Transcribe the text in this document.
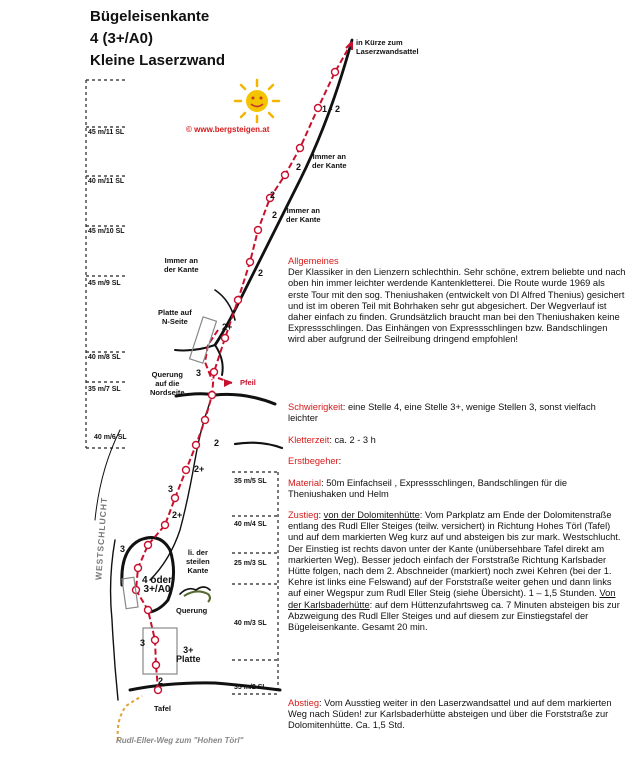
Bügeleisenkante
4 (3+/A0)
Kleine Laserzwand
© www.bergsteigen.at
45 m/11 SL
40 m/11 SL
45 m/10 SL
45 m/9 SL
40 m/8 SL
35 m/7 SL
40 m/6 SL
35 m/5 SL
40 m/4 SL
25 m/3 SL
40 m/3 SL
35 m/2 SL
in Kürze zum
Laserzwandsattel
Immer an
der Kante
Immer an
der Kante
Immer an
der Kante
Platte auf
N-Seite
Querung
auf die
Nordseite
Pfeil
li. der
steilen
Kante
Querung
3+
Platte
4 oder
3+/A0
Tafel
WESTSCHLUCHT
Rudl-Eller-Weg zum "Hohen Törl"
1 - 2
2
2
2
2
2+
3
2
2+
2+
3
3
3
2
Allgemeines

Der Klassiker in den Lienzern schlechthin. Sehr schöne, extrem beliebte und nach oben hin immer leichter werdende Kantenkletterei. Die Route wurde 1969 als erste Tour mit den sog. Theniushaken (entwickelt von DI Alfred Thenius) gesichert und ist im oberen Teil mit Bohrhaken sehr gut abgesichert. Der Wegverlauf ist daher einfach zu finden. Grundsätzlich braucht man bei den Theniushaken keine Expressschlingen. Das Einhängen von Expressschlingen bzw. Bandschlingen wird aber aufgrund der Seilreibung dringend empfohlen!

Schwierigkeit: eine Stelle 4, eine Stelle 3+, wenige Stellen 3, sonst vielfach leichter

Kletterzeit: ca. 2 - 3 h

Erstbegeher:

Material: 50m Einfachseil , Expressschlingen, Bandschlingen für die Theniushaken und Helm

Zustieg: von der Dolomitenhütte: Vom Parkplatz am Ende der Dolomitenstraße entlang des Rudl Eller Steiges (teilw. versichert) in Richtung Hohes Törl (Tafel) und auf dem markierten Weg kurz auf und absteigen bis zur mark. Westschlucht. Der Einstieg ist rechts davon unter der Kante (unübersehbare Tafel direkt am markierten Weg). Besser jedoch einfach der Forststraße Richtung Karlsbader Hütte folgen, nach dem 2. Abschneider (markiert) noch zwei Kehren (bei der 1. Kehre ist links eine Felswand) auf der Forststraße weiter gehen und dann links auf einer Wegspur zum Rudl Eller Steig (siehe Übersicht). 1 – 1,5 Stunden. Von der Karlsbaderhütte: auf dem Hüttenzufahrtsweg ca. 7 Minuten absteigen bis zur Abzweigung des Rudl Eller Steiges und auf diesem zur Einstiegstafel der Bügeleisenkante. Gesamt 20 min.

Abstieg: Vom Ausstieg weiter in den Laserzwandsattel und auf dem markierten Weg nach Süden! zur Karlsbaderhütte absteigen und über die Forststraße zur Dolomitenhütte. Ca. 1,5 Std.
